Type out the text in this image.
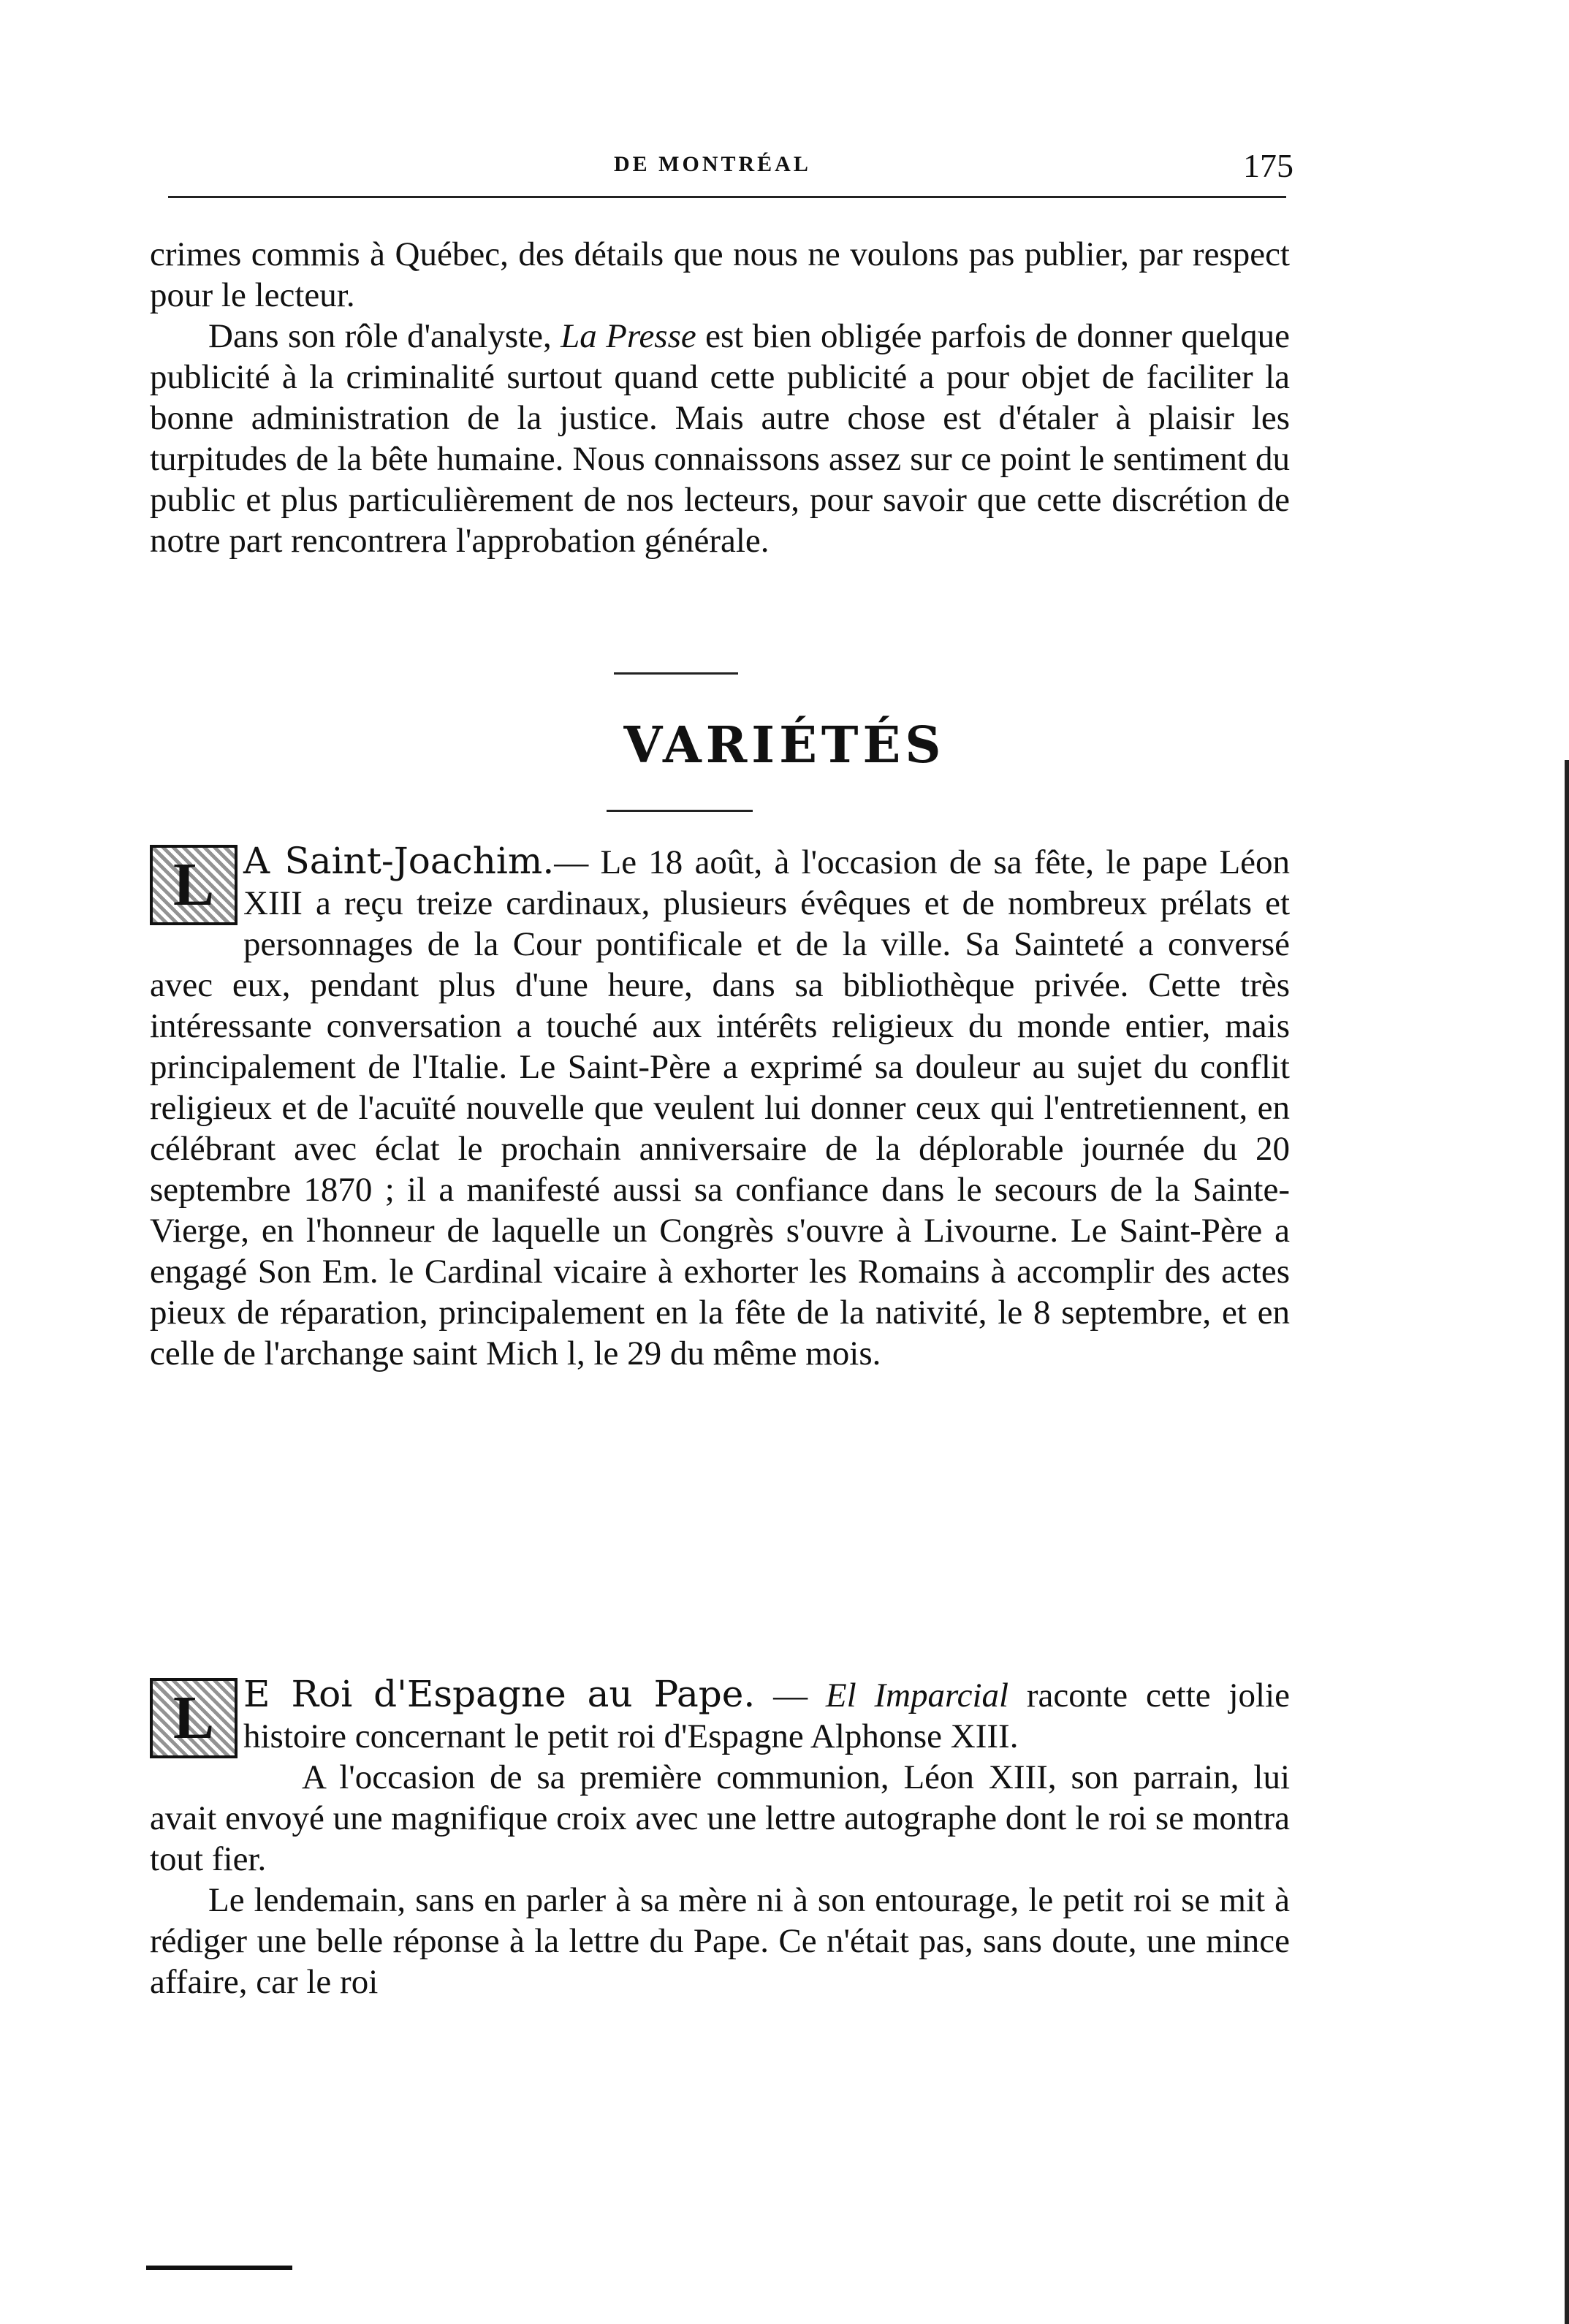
DE MONTRÉAL	175

crimes commis à Québec, des détails que nous ne voulons pas publier, par respect pour le lecteur.

Dans son rôle d'analyste, La Presse est bien obligée parfois de donner quelque publicité à la criminalité surtout quand cette publicité a pour objet de faciliter la bonne administration de la justice. Mais autre chose est d'étaler à plaisir les turpitudes de la bête humaine. Nous connaissons assez sur ce point le sentiment du public et plus particulièrement de nos lecteurs, pour savoir que cette discrétion de notre part rencontrera l'approbation générale.

VARIÉTÉS

L A Saint-Joachim.— Le 18 août, à l'occasion de sa fête, le pape Léon XIII a reçu treize cardinaux, plusieurs évêques et de nombreux prélats et personnages de la Cour pontificale et de la ville. Sa Sainteté a conversé avec eux, pendant plus d'une heure, dans sa bibliothèque privée. Cette très intéressante conversation a touché aux intérêts religieux du monde entier, mais principalement de l'Italie. Le Saint-Père a exprimé sa douleur au sujet du conflit religieux et de l'acuïté nouvelle que veulent lui donner ceux qui l'entretiennent, en célébrant avec éclat le prochain anniversaire de la déplorable journée du 20 septembre 1870 ; il a manifesté aussi sa confiance dans le secours de la Sainte-Vierge, en l'honneur de laquelle un Congrès s'ouvre à Livourne. Le Saint-Père a engagé Son Em. le Cardinal vicaire à exhorter les Romains à accomplir des actes pieux de réparation, principalement en la fête de la nativité, le 8 septembre, et en celle de l'archange saint Mich l, le 29 du même mois.

L E Roi d'Espagne au Pape. — El Imparcial raconte cette jolie histoire concernant le petit roi d'Espagne Alphonse XIII.

A l'occasion de sa première communion, Léon XIII, son parrain, lui avait envoyé une magnifique croix avec une lettre autographe dont le roi se montra tout fier.

Le lendemain, sans en parler à sa mère ni à son entourage, le petit roi se mit à rédiger une belle réponse à la lettre du Pape. Ce n'était pas, sans doute, une mince affaire, car le roi
